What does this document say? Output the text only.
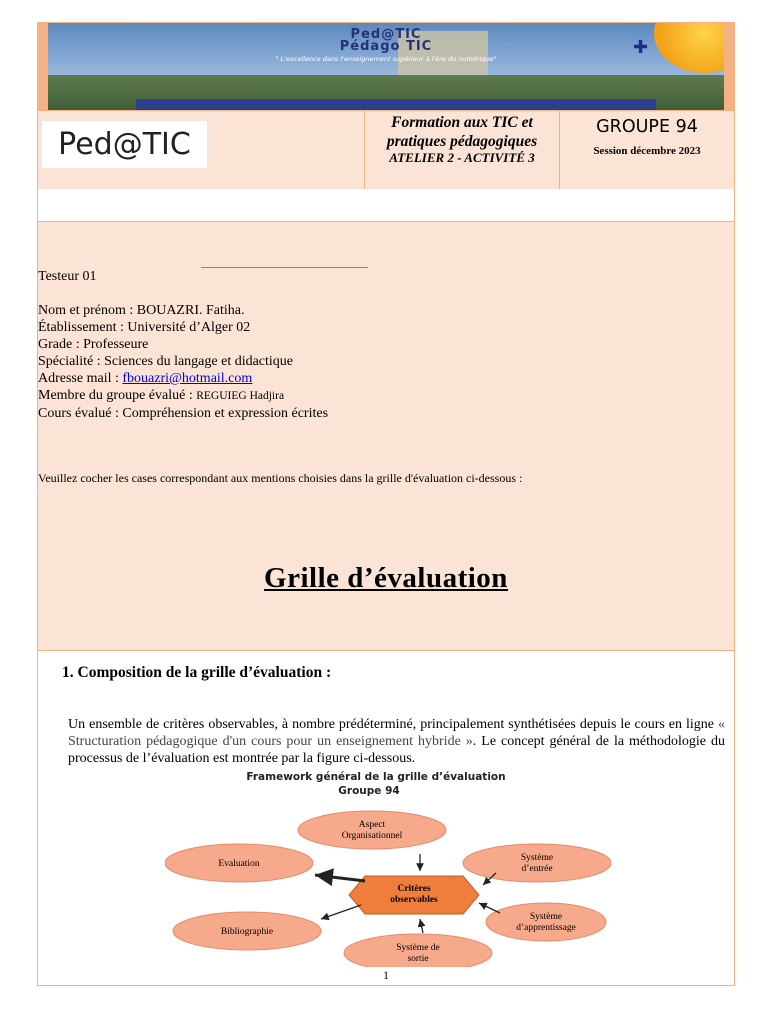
Ped@TIC
Pédago TIC
" L'excellence dans l'enseignement supérieur à l'ère du numérique"
✚
Ped@TIC
Formation aux TIC et pratiques pédagogiques
ATELIER 2 - ACTIVITÉ 3
GROUPE 94
Session décembre 2023
Testeur 01
Nom et prénom : BOUAZRI. Fatiha.
Établissement : Université d’Alger 02
Grade : Professeure
Spécialité : Sciences du langage et didactique
Adresse mail : fbouazri@hotmail.com
Membre du groupe évalué : REGUIEG Hadjira
Cours évalué : Compréhension et expression écrites
Veuillez cocher les cases correspondant aux mentions choisies dans la grille d'évaluation ci-dessous :
Grille d’évaluation
1. Composition de la grille d’évaluation :
Un ensemble de critères observables, à nombre prédéterminé, principalement synthétisées depuis le cours en ligne « Structuration pédagogique d'un cours pour un enseignement hybride ». Le concept général de la méthodologie du processus de l’évaluation est montrée par la figure ci-dessous.
Framework général de la grille d’évaluation
Groupe 94
Aspect
Organisationnel
Evaluation
Système
d’entrée
Bibliographie
Système
d’apprentissage
Système de
sortie
Critères
observables
1
